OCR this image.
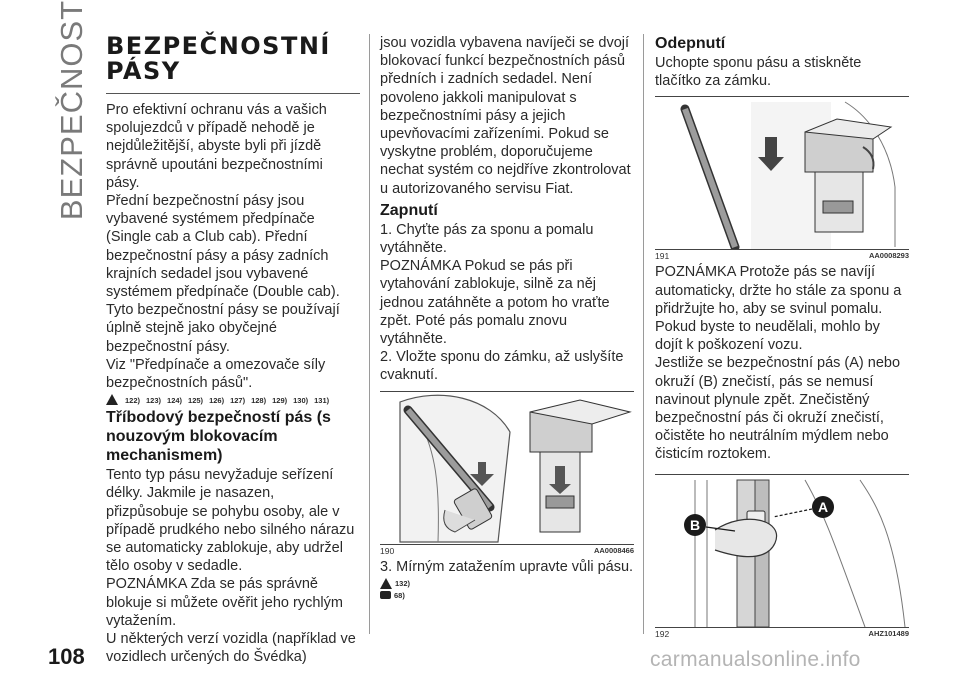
BEZPEČNOST BEZPEČNOSTNÍ
PÁSY

Pro efektivní ochranu vás a vašich spolujezdců v případě nehodě je nejdůležitější, abyste byli při jízdě správně upoutáni bezpečnostními pásy.

Přední bezpečnostní pásy jsou vybavené systémem předpínače (Single cab a Club cab). Přední bezpečnostní pásy a pásy zadních krajních sedadel jsou vybavené systémem předpínače (Double cab).

Tyto bezpečnostní pásy se používají úplně stejně jako obyčejné bezpečnostní pásy.

Viz "Předpínače a omezovače síly bezpečnostních pásů".

122) 123) 124) 125) 126) 127) 128) 129) 130) 131)
Tříbodový bezpečností pás (s nouzovým blokovacím mechanismem)

Tento typ pásu nevyžaduje seřízení délky. Jakmile je nasazen, přizpůsobuje se pohybu osoby, ale v případě prudkého nebo silného nárazu se automaticky zablokuje, aby udržel tělo osoby v sedadle.

POZNÁMKA Zda se pás správně blokuje si můžete ověřit jeho rychlým vytažením.

U některých verzí vozidla (například ve vozidlech určených do Švédka)

jsou vozidla vybavena navíječi se dvojí blokovací funkcí bezpečnostních pásů předních i zadních sedadel. Není povoleno jakkoli manipulovat s bezpečnostními pásy a jejich upevňovacími zařízeními. Pokud se vyskytne problém, doporučujeme nechat systém co nejdříve zkontrolovat u autorizovaného servisu Fiat.

Zapnutí

1. Chyťte pás za sponu a pomalu vytáhněte.

POZNÁMKA Pokud se pás při vytahování zablokuje, silně za něj jednou zatáhněte a potom ho vraťte zpět. Poté pás pomalu znovu vytáhněte.

2. Vložte sponu do zámku, až uslyšíte cvaknutí.

190	AA0008466

3. Mírným zatažením upravte vůli pásu.

132)
68)
Odepnutí

Uchopte sponu pásu a stiskněte tlačítko za zámku.

191	AA0008293

POZNÁMKA Protože pás se navíjí automaticky, držte ho stále za sponu a přidržujte ho, aby se svinul pomalu. Pokud byste to neudělali, mohlo by dojít k poškození vozu.

Jestliže se bezpečnostní pás (A) nebo okruží (B) znečistí, pás se nemusí navinout plynule zpět. Znečistěný bezpečnostní pás či okruží znečistí, očistěte ho neutrálním mýdlem nebo čisticím roztokem.

B
A
192	AHZ101489
108	carmanualsonline.info
